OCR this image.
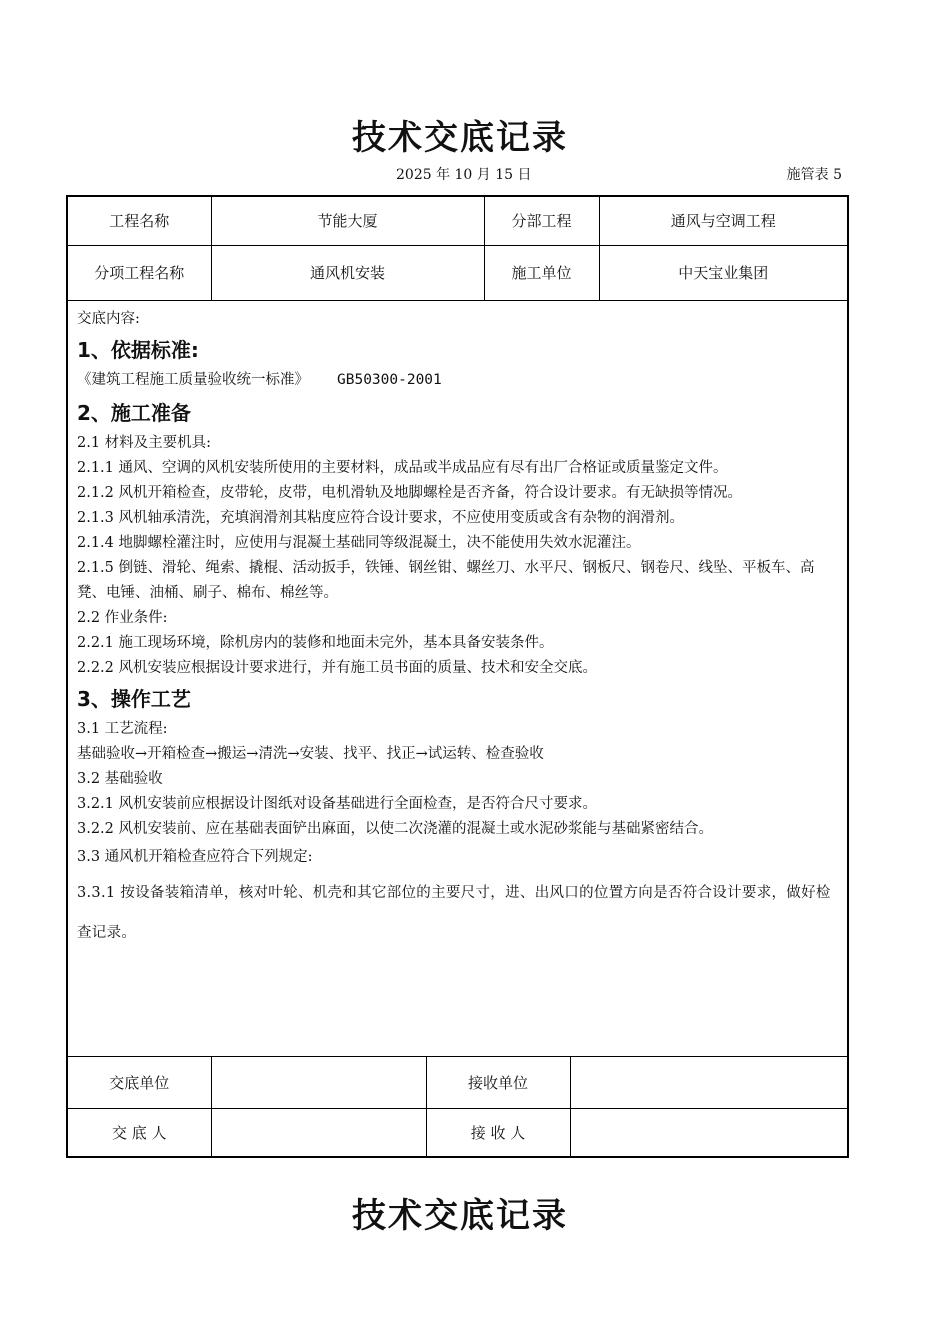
技术交底记录
2025 年 10 月 15 日	施管表 5
工程名称	节能大厦	分部工程	通风与空调工程
分项工程名称	通风机安装	施工单位	中天宝业集团

交底内容:

1、依据标准:

《建筑工程施工质量验收统一标准》 GB50300-2001

2、施工准备

2.1 材料及主要机具:

2.1.1 通风、空调的风机安装所使用的主要材料，成品或半成品应有尽有出厂合格证或质量鉴定文件。

2.1.2 风机开箱检查，皮带轮，皮带，电机滑轨及地脚螺栓是否齐备，符合设计要求。有无缺损等情况。

2.1.3 风机轴承清洗，充填润滑剂其粘度应符合设计要求，不应使用变质或含有杂物的润滑剂。

2.1.4 地脚螺栓灌注时，应使用与混凝土基础同等级混凝土，决不能使用失效水泥灌注。

2.1.5 倒链、滑轮、绳索、撬棍、活动扳手，铁锤、钢丝钳、螺丝刀、水平尺、钢板尺、钢卷尺、线坠、平板车、高凳、电锤、油桶、刷子、棉布、棉丝等。

2.2 作业条件:

2.2.1 施工现场环境，除机房内的装修和地面未完外，基本具备安装条件。

2.2.2 风机安装应根据设计要求进行，并有施工员书面的质量、技术和安全交底。

3、操作工艺

3.1 工艺流程:

基础验收→开箱检查→搬运→清洗→安装、找平、找正→试运转、检查验收

3.2 基础验收

3.2.1 风机安装前应根据设计图纸对设备基础进行全面检查，是否符合尺寸要求。

3.2.2 风机安装前、应在基础表面铲出麻面，以使二次浇灌的混凝土或水泥砂浆能与基础紧密结合。

3.3 通风机开箱检查应符合下列规定:

3.3.1 按设备装箱清单，核对叶轮、机壳和其它部位的主要尺寸，进、出风口的位置方向是否符合设计要求，做好检查记录。

交底单位		接收单位	
交 底 人		接 收 人	
技术交底记录
